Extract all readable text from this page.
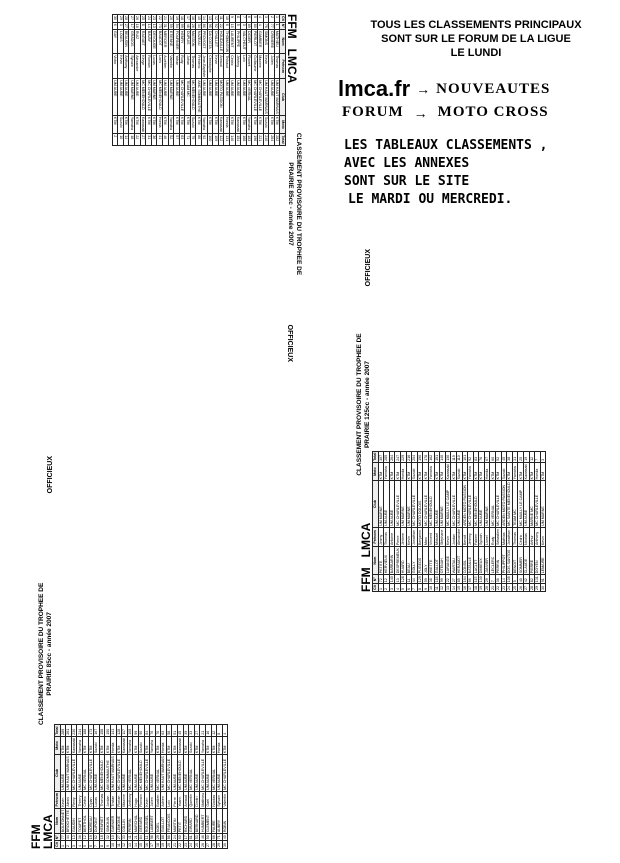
FFM
LMCA
CLASSEMENT PROVISOIRE DU TROPHEE DE PRAIRIE 85cc - année 2007
OFFICIEUX
Clt	N°	Nom	Prénom	Club	Moto	Total
1	77	BOUTONNET	Kevin	UM AUBE	KTM	289
2	44	BROCHETTE	Alexis	UM HAUT MARNAIS	KTM	261
3	13	GAUDIN	Remy	MC CHARLEVILLE	Kawasaki	230
4	36	TOUPET	Thierry	UM AUBE	Yamaha	214
5	12	BERTHOL	Cédric	MC VERNAL	KTM	188
6	19	MOREAU	Dylan	MC CHARLEVILLE	KTM	173
7	62	DUPONT	Lucas	UM AUBE	Suzuki	167
8	18	HENRIET	Thomas	MC MENEHOULD	KTM	158
9	32	SIMONIN	Jordan	AM SOMMAUTHE	KTM	150
10	10	GARNIER	Tristan	UM HAUT MARNAIS	Honda	141
11	27	LEMOINE	Florian	MC CHARLEVILLE	KTM	128
12	33	COLLIN	Maxime	UM AUBE	Kawasaki	117
13	41	PERRIN	Anthony	MC VERNAL	Yamaha	108
14	21	MARCHAL	Hugo	UM AUBE	KTM	99
15	84	GERARD	Romain	MC MENEHOULD	Suzuki	90
16	11	ROUSSEL	Kevin	MC CHARLEVILLE	KTM	84
17	98	LAMBERT	Julien	UM AUBE	Yamaha	76
18	29	NOEL	Bastien	MC VERNAL	KTM	70
19	88	GUILLOT	Adrien	UM HAUT MARNAIS	Honda	63
20	86	FRANCOIS	Loïc	MC CHARLEVILLE	KTM	58
21	24	MARTIN	Pierre	UM AUBE	KTM	51
22	60	PETIT	Yoann	MC MENEHOULD	Kawasaki	45
23	17	RICHARD	Arnaud	UM AUBE	KTM	39
24	81	GIRARD	Quentin	MC VERNAL	Suzuki	33
25	53	BERNARD	Dimitri	UM AUBE	KTM	27
26	46	HUMBERT	Matthieu	MC CHARLEVILLE	Yamaha	21
27	50	CLEMENT	Gaël	UM AUBE	KTM	16
28	66	FAURE	Nicolas	MC VERNAL	KTM	12
29	71	AUBRY	Sylvain	UM AUBE	Honda	8
30	40	ROBIN	Valentin	MC CHARLEVILLE	KTM	4
FFM
LMCA
CLASSEMENT PROVISOIRE DU TROPHEE DE
PRAIRIE 85cc - année 2007
OFFICIEUX
Clt	N°	Nom	Prénom	Club	Moto	Total
1	1	MATHIEU	Thomas	UM HAUT MARNAIS	KTM	282
2	77	CRINIERE	Julien	UM AUBE	KTM	264
3	76	SIMONS	Kevin	UM HAUT MARNAIS	Suzuki	240
4	4	GAMBIER	Maxime	MC CHARLEVILLE	KTM	221
5	80	PIERLOT	Guillaume	MC CHARLEVILLE	KTM	196
6	89	DIDIER	Florent	MC VERNAL	Yamaha	183
7	3	VALCHEUT	Loïc	UM AUBE	KTM	168
8	5	PHILIPPE	Jérémy	UM AUBE	Kawasaki	154
9	15	LAURENT	Cédric	UM AUBE	KTM	140
10	6	THOMASSIN	Thibaud	UM AUBE	Honda	131
11	22	HOUDAILLE	Arnaud	MOTO PASSION	Kawasaki	122
12	92	CHALLET	Kevin	UM AUBE	KTM	109
13	95	DA COSTA	Christophe	UM AUBE	KTM	100
14	86	PROVOST	Jean-Baptiste	UM AUBE	Yamaha	92
15	34	NAZEAU	Fréderic	AMC SOMMAUTHE	KTM	86
16	26	MASSON	Thomas	MC MENEHOULD	Suzuki	79
17	46	DUPUIS	Johan	TEAM MC	KTM	71
18	99	HENRY	Rudy	MC CHARLEVILLE	KTM	63
19	54	FOURNIER	Yohan	UM AUBE	KTM	57
20	59	ETIENNE	Valentin	UM MARNE	Yamaha	52
21	31	MERCIER	Aurélien	UM AUBE	KTM	46
22	73	BAUDOT	Loris	MC MENEHOULD	Honda	41
23	13	DEVOUGE	Lucas	UM MARNE	KTM	36
24	14	BAVAY	Romain	MC CHARLEVILLE	KTM	31
25	8	RAGUET	Kévyn	MC MENEHOULD	Kawasaki	27
26	18	RUIZ	Alexandre	UM AUBE	KTM	22
27	17	GRADOS	Sylvain	UM MARNE	Yamaha	18
28	27	BEAUGIN	Anthony	UM AUBE	KTM	14
29	3	LOUIS	Kévin	UM AUBE	Suzuki	10
30	6	GAY	Victor	UM AUBE	KTM	2
FFM
LMCA
CLASSEMENT PROVISOIRE DU TROPHEE DE PRAIRIE 125cc - année 2007
OFFICIEUX
Clt	N°	Nom	Prénom	Club	Moto	Total
1	72	PETITE	Jimmy	UM MARNE	KTM	307
2	12	HERVIEUX	Thomas	UM AUBE	Yamaha	285
3	140	BARBARIN	Antoine	UM AUBE	KTM	264
4	13	DESPREMEUX	Pierre	MC CHARLEVILLE	KTM	247
5	128	HUARD	Jérôme	UM MARNE	Honda	229
6	11	BEAU	Kevin	UM MARNE	KTM	216
7	44	GOLLY	Jonathan	MC CHARLEVILLE	Suzuki	204
8	129	PUGEOS	Benjamin	MOTO DOLOIS	KTM	190
9	59	JOLY	Marc	MC CHARLEVILLE	KTM	178
10	38	WIETTE	Vincent	MC MENEHOULD	Yamaha	162
11	118	GALLOT	Mickael	UM AUBE	KTM	151
12	99	OTENAH	Stéphane	UM MARNE	KTM	140
13	22	LARANGE	Kevin	MC MAILLY LE CAMP	Kawasaki	130
14	27	WARTAU	Jordan	MC CHARLEVILLE	KTM	119
15	85	HERAUDT	Alexandre	UM AUBE	Suzuki	110
16	164	CONSIL	Benoit	ARDEN MOTO PASSION	KTM	101
17	66	BATAILLE	Jérémy	MC CHARLEVILLE	Yamaha	92
18	115	LACLET	Fabien	MC MENEHOULD	KTM	83
19	130	DIMIEUX	Sylvain	UM AUBE	KTM	76
20	29	JANVIER	Lionel	UM MARNE	Honda	67
21	7	LECLERC	Rudy	MC VERNAL	KTM	60
22	36	PERRIN	Sébastien	MC CHARLEVILLE	KTM	52
23	14	PHILIPPOT	Mathias	ARDEN MOTO PASSION	Suzuki	45
24	105	DOS SANTOS	Jonathan	MC SAINTE MENEHOULD	KTM	38
25	5	BENOIT	Thomas	TEAM MC	Yamaha	31
26	40	SOMMER	Cédric	MC MAILLY LE CAMP	KTM	25
27	42	CLAUDE	Nicolas	UM AUBE	Kawasaki	19
28	82	PIERRE	Arthur	MARNE MC	KTM	12
29	131	DOYEN	Anthony	MC CHARLEVILLE	Honda	7
30	91	LEMAIRE	Kevin	UM MARNE	KTM	3
TOUS LES CLASSEMENTS PRINCIPAUX
SONT SUR LE FORUM DE LA LIGUE
LE LUNDI
lmca.fr → NOUVEAUTES
FORUM → MOTO CROSS
LES TABLEAUX CLASSEMENTS ,
AVEC LES ANNEXES
SONT SUR LE SITE
LE MARDI OU MERCREDI.
